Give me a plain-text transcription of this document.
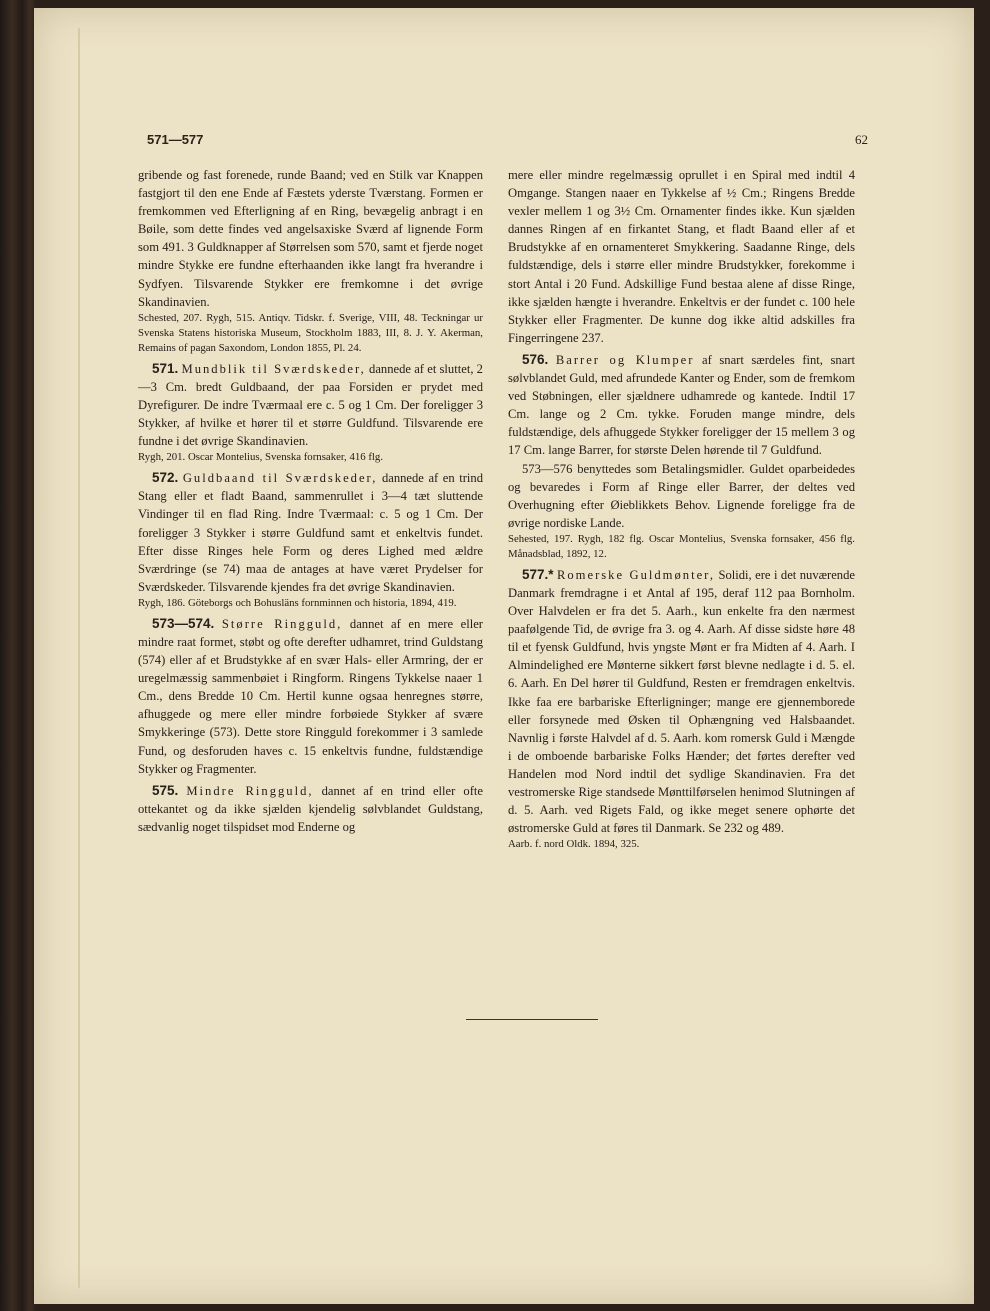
571—577	62

gribende og fast forenede, runde Baand; ved en Stilk var Knappen fastgjort til den ene Ende af Fæstets yderste Tværstang. Formen er fremkommen ved Efterligning af en Ring, bevægelig anbragt i en Bøile, som dette findes ved angelsaxiske Sværd af lignende Form som 491. 3 Guldknapper af Størrelsen som 570, samt et fjerde noget mindre Stykke ere fundne efterhaanden ikke langt fra hverandre i Sydfyen. Tilsvarende Stykker ere fremkomne i det øvrige Skandinavien.

Schested, 207. Rygh, 515. Antiqv. Tidskr. f. Sverige, VIII, 48. Teckningar ur Svenska Statens historiska Museum, Stockholm 1883, III, 8. J. Y. Akerman, Remains of pagan Saxondom, London 1855, Pl. 24.

571. Mundblik til Sværdskeder, dannede af et sluttet, 2—3 Cm. bredt Guldbaand, der paa Forsiden er prydet med Dyrefigurer. De indre Tværmaal ere c. 5 og 1 Cm. Der foreligger 3 Stykker, af hvilke et hører til et større Guldfund. Tilsvarende ere fundne i det øvrige Skandinavien.

Rygh, 201. Oscar Montelius, Svenska fornsaker, 416 flg.

572. Guldbaand til Sværdskeder, dannede af en trind Stang eller et fladt Baand, sammenrullet i 3—4 tæt sluttende Vindinger til en flad Ring. Indre Tværmaal: c. 5 og 1 Cm. Der foreligger 3 Stykker i større Guldfund samt et enkeltvis fundet. Efter disse Ringes hele Form og deres Lighed med ældre Sværdringe (se 74) maa de antages at have været Prydelser for Sværdskeder. Tilsvarende kjendes fra det øvrige Skandinavien.

Rygh, 186. Göteborgs och Bohusläns fornminnen och historia, 1894, 419.

573—574. Større Ringguld, dannet af en mere eller mindre raat formet, støbt og ofte derefter udhamret, trind Guldstang (574) eller af et Brudstykke af en svær Hals- eller Armring, der er uregelmæssig sammenbøiet i Ringform. Ringens Tykkelse naaer 1 Cm., dens Bredde 10 Cm. Hertil kunne ogsaa henregnes større, afhuggede og mere eller mindre forbøiede Stykker af svære Smykkeringe (573). Dette store Ringguld forekommer i 3 samlede Fund, og desforuden haves c. 15 enkeltvis fundne, fuldstændige Stykker og Fragmenter.

575. Mindre Ringguld, dannet af en trind eller ofte ottekantet og da ikke sjælden kjendelig sølvblandet Guldstang, sædvanlig noget tilspidset mod Enderne og

mere eller mindre regelmæssig oprullet i en Spiral med indtil 4 Omgange. Stangen naaer en Tykkelse af ½ Cm.; Ringens Bredde vexler mellem 1 og 3½ Cm. Ornamenter findes ikke. Kun sjælden dannes Ringen af en firkantet Stang, et fladt Baand eller af et Brudstykke af en ornamenteret Smykkering. Saadanne Ringe, dels fuldstændige, dels i større eller mindre Brudstykker, forekomme i stort Antal i 20 Fund. Adskillige Fund bestaa alene af disse Ringe, ikke sjælden hængte i hverandre. Enkeltvis er der fundet c. 100 hele Stykker eller Fragmenter. De kunne dog ikke altid adskilles fra Fingerringene 237.

576. Barrer og Klumper af snart særdeles fint, snart sølvblandet Guld, med afrundede Kanter og Ender, som de fremkom ved Støbningen, eller sjældnere udhamrede og kantede. Indtil 17 Cm. lange og 2 Cm. tykke. Foruden mange mindre, dels fuldstændige, dels afhuggede Stykker foreligger der 15 mellem 3 og 17 Cm. lange Barrer, for største Delen hørende til 7 Guldfund.

573—576 benyttedes som Betalingsmidler. Guldet oparbeidedes og bevaredes i Form af Ringe eller Barrer, der deltes ved Overhugning efter Øieblikkets Behov. Lignende foreligge fra de øvrige nordiske Lande.

Sehested, 197. Rygh, 182 flg. Oscar Montelius, Svenska fornsaker, 456 flg. Månadsblad, 1892, 12.

577.* Romerske Guldmønter, Solidi, ere i det nuværende Danmark fremdragne i et Antal af 195, deraf 112 paa Bornholm. Over Halvdelen er fra det 5. Aarh., kun enkelte fra den nærmest paafølgende Tid, de øvrige fra 3. og 4. Aarh. Af disse sidste høre 48 til et fyensk Guldfund, hvis yngste Mønt er fra Midten af 4. Aarh. I Almindelighed ere Mønterne sikkert først blevne nedlagte i d. 5. el. 6. Aarh. En Del hører til Guldfund, Resten er fremdragen enkeltvis. Ikke faa ere barbariske Efterligninger; mange ere gjennemborede eller forsynede med Øsken til Ophængning ved Halsbaandet. Navnlig i første Halvdel af d. 5. Aarh. kom romersk Guld i Mængde i de omboende barbariske Folks Hænder; det førtes derefter ved Handelen mod Nord indtil det sydlige Skandinavien. Fra det vestromerske Rige standsede Mønttilførselen henimod Slutningen af d. 5. Aarh. ved Rigets Fald, og ikke meget senere ophørte det østromerske Guld at føres til Danmark. Se 232 og 489.

Aarb. f. nord Oldk. 1894, 325.
